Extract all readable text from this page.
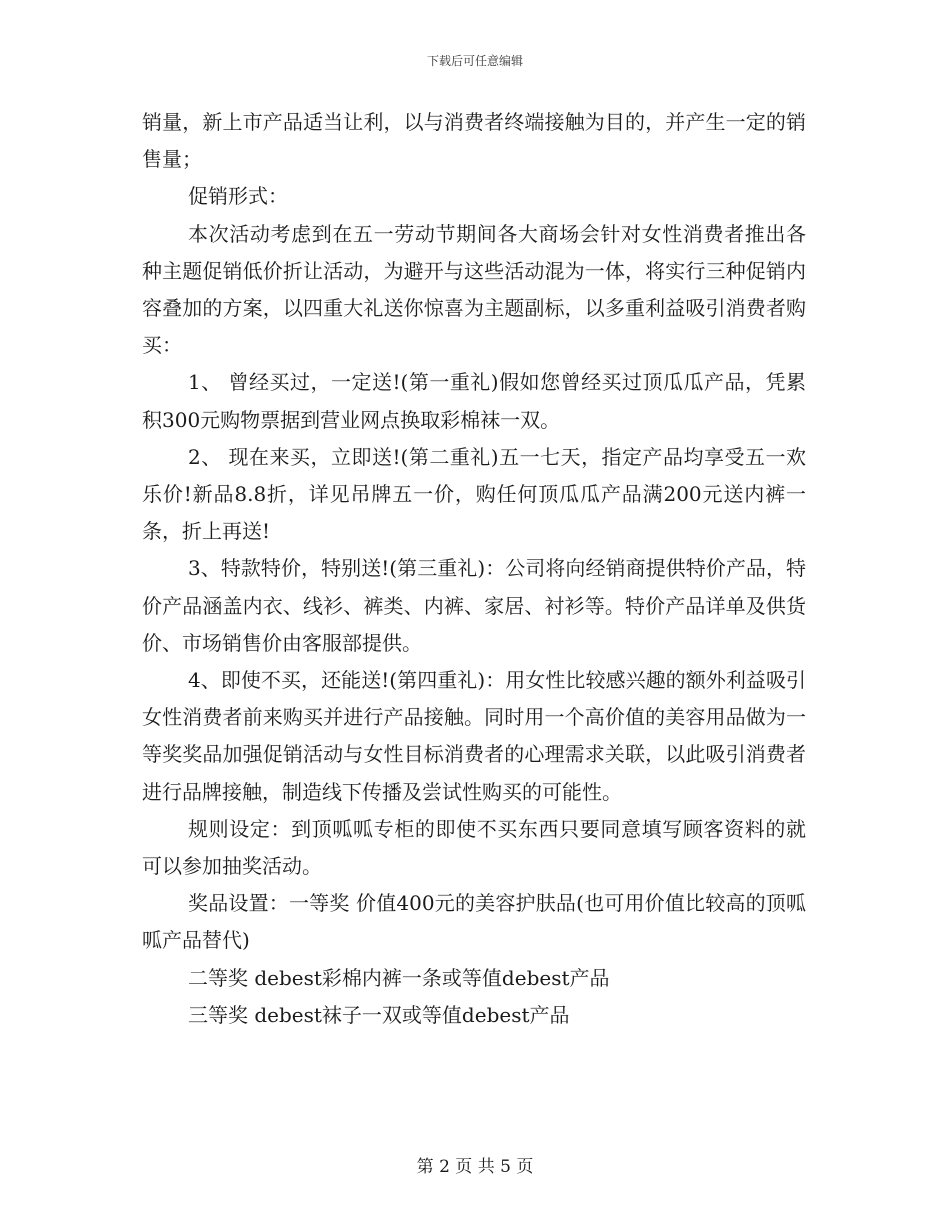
下载后可任意编辑

销量，新上市产品适当让利，以与消费者终端接触为目的，并产生一定的销售量；

促销形式：

本次活动考虑到在五一劳动节期间各大商场会针对女性消费者推出各种主题促销低价折让活动，为避开与这些活动混为一体，将实行三种促销内容叠加的方案，以四重大礼送你惊喜为主题副标，以多重利益吸引消费者购买：

1、 曾经买过，一定送!(第一重礼)假如您曾经买过顶瓜瓜产品，凭累积300元购物票据到营业网点换取彩棉袜一双。

2、 现在来买，立即送!(第二重礼)五一七天，指定产品均享受五一欢乐价!新品8.8折，详见吊牌五一价，购任何顶瓜瓜产品满200元送内裤一条，折上再送!

3、特款特价，特别送!(第三重礼)：公司将向经销商提供特价产品，特价产品涵盖内衣、线衫、裤类、内裤、家居、衬衫等。特价产品详单及供货价、市场销售价由客服部提供。

4、即使不买，还能送!(第四重礼)：用女性比较感兴趣的额外利益吸引女性消费者前来购买并进行产品接触。同时用一个高价值的美容用品做为一等奖奖品加强促销活动与女性目标消费者的心理需求关联，以此吸引消费者进行品牌接触，制造线下传播及尝试性购买的可能性。

规则设定：到顶呱呱专柜的即使不买东西只要同意填写顾客资料的就可以参加抽奖活动。

奖品设置：一等奖 价值400元的美容护肤品(也可用价值比较高的顶呱呱产品替代)

二等奖 debest彩棉内裤一条或等值debest产品

三等奖 debest袜子一双或等值debest产品

第 2 页 共 5 页
